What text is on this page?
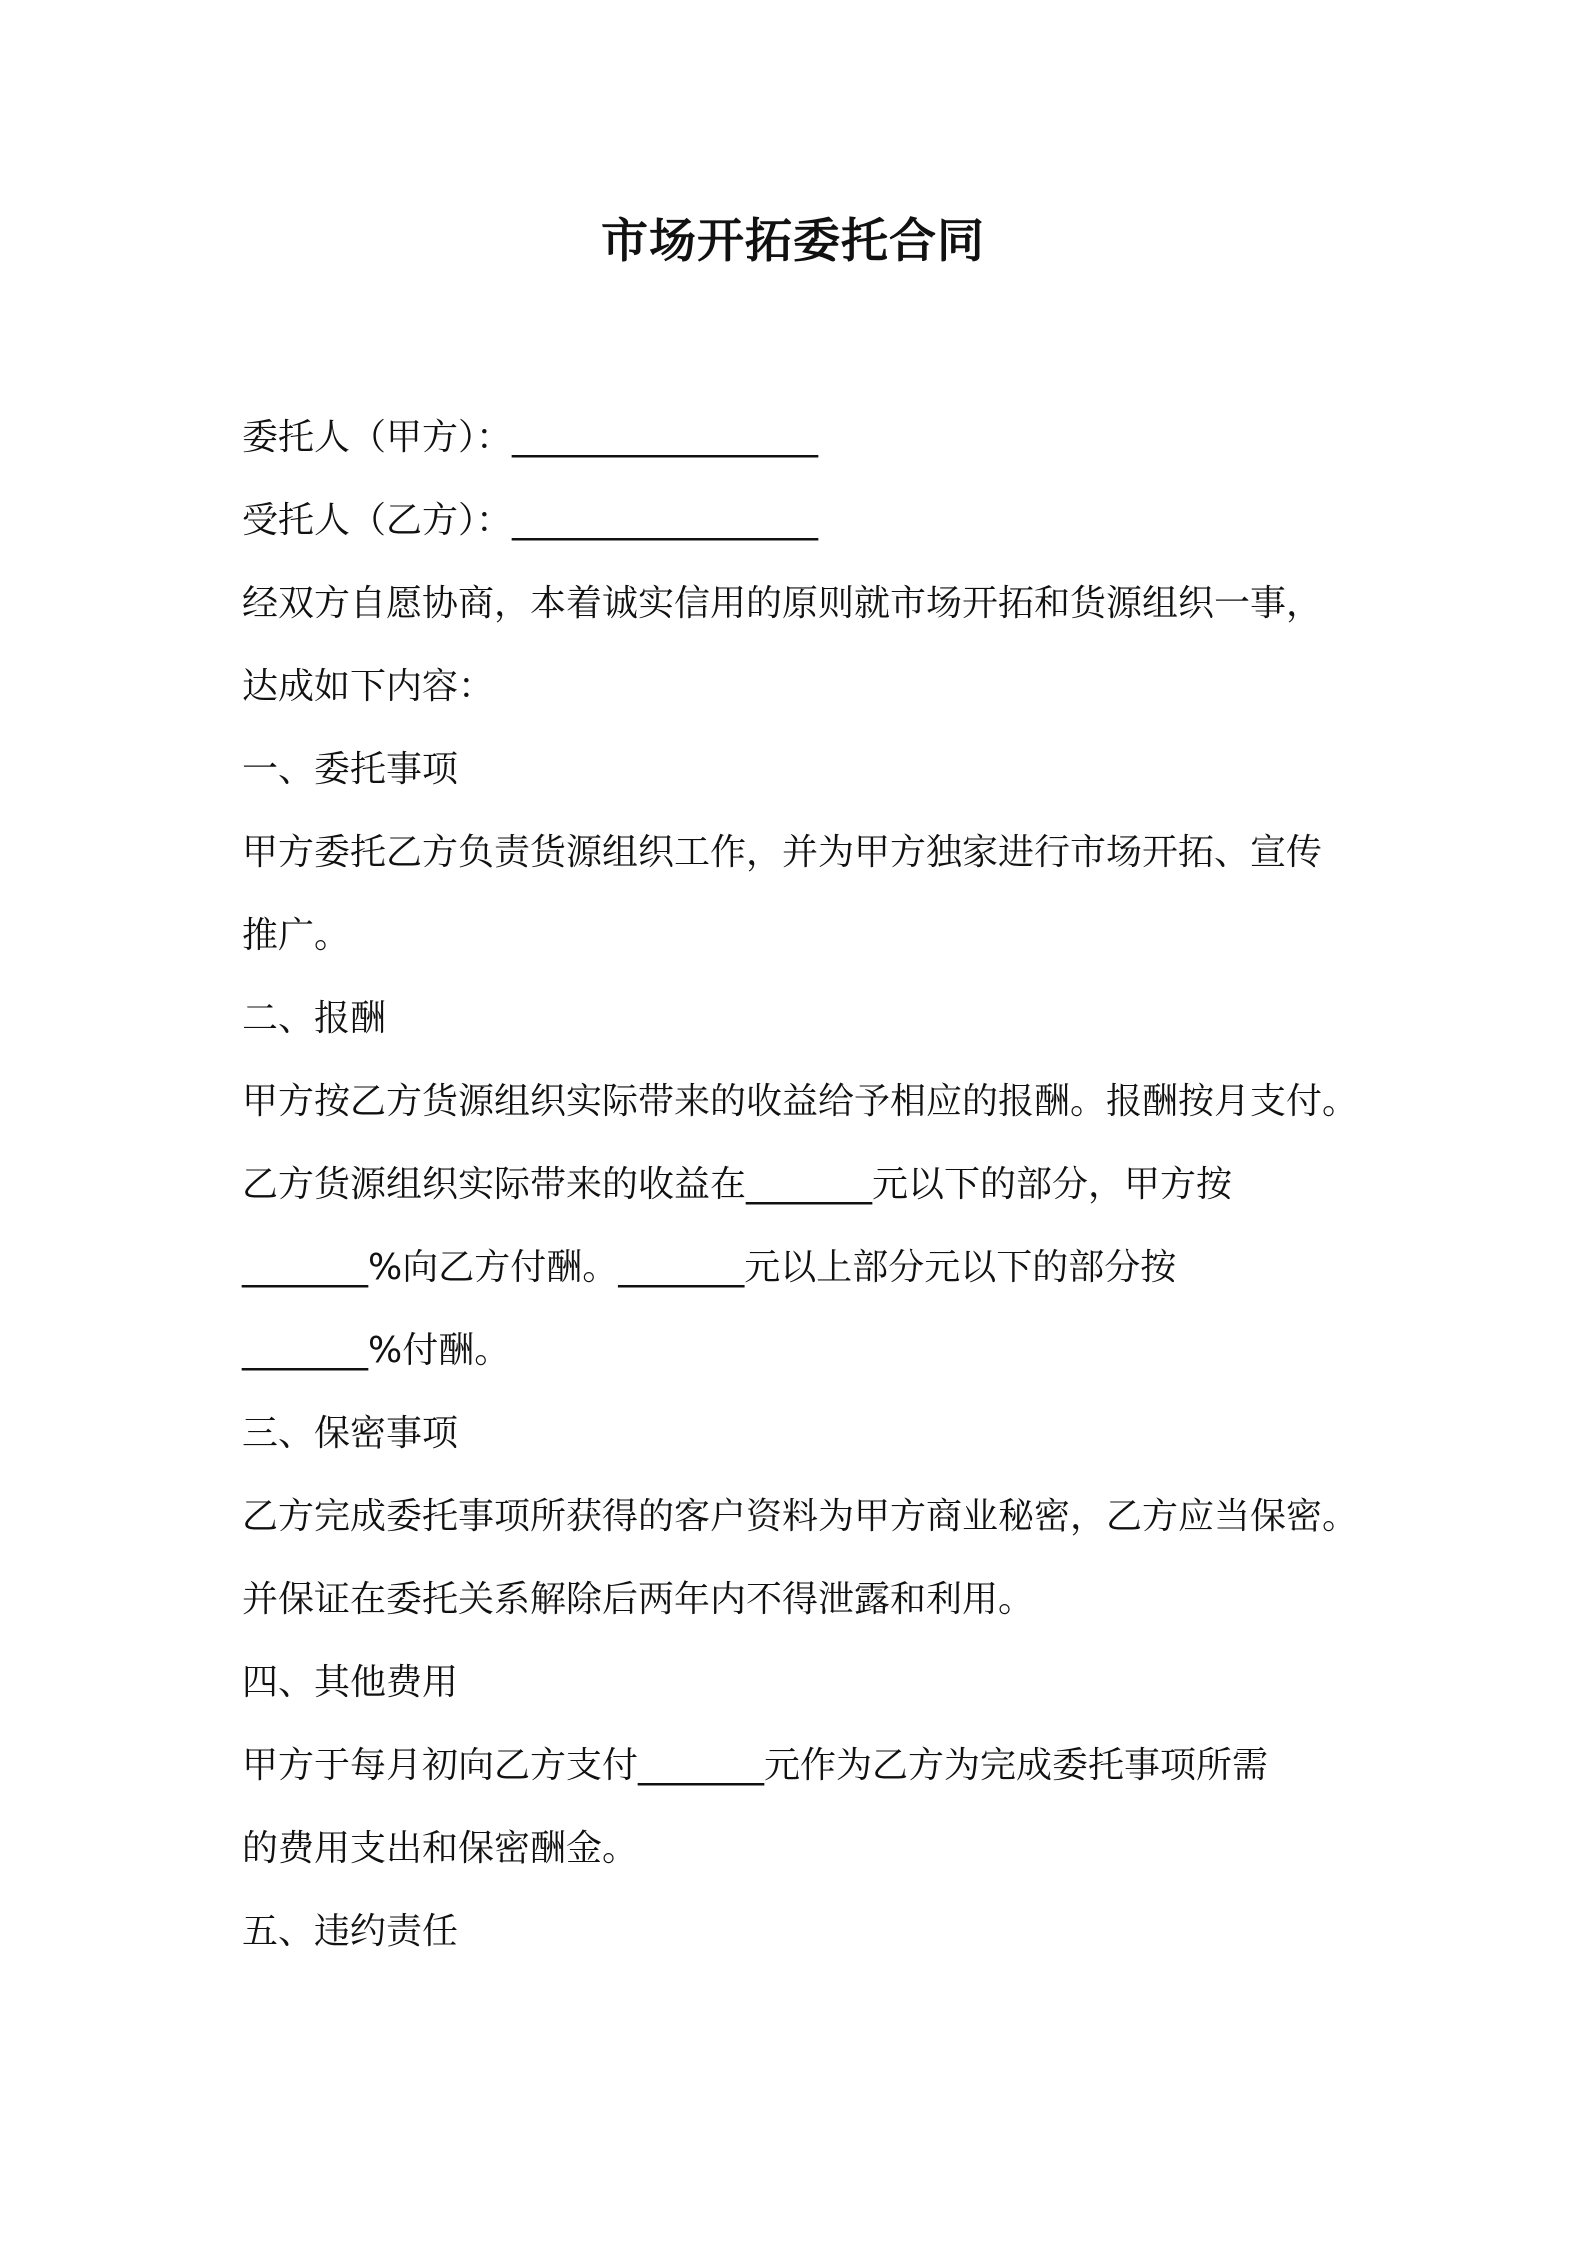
市场开拓委托合同
委托人（甲方）：_________________
受托人（乙方）：_________________
经双方自愿协商，本着诚实信用的原则就市场开拓和货源组织一事，
达成如下内容：
一、委托事项
甲方委托乙方负责货源组织工作，并为甲方独家进行市场开拓、宣传
推广。
二、报酬
甲方按乙方货源组织实际带来的收益给予相应的报酬。报酬按月支付。
乙方货源组织实际带来的收益在_______元以下的部分，甲方按
_______%向乙方付酬。_______元以上部分元以下的部分按
_______%付酬。
三、保密事项
乙方完成委托事项所获得的客户资料为甲方商业秘密，乙方应当保密。
并保证在委托关系解除后两年内不得泄露和利用。
四、其他费用
甲方于每月初向乙方支付_______元作为乙方为完成委托事项所需
的费用支出和保密酬金。
五、违约责任
